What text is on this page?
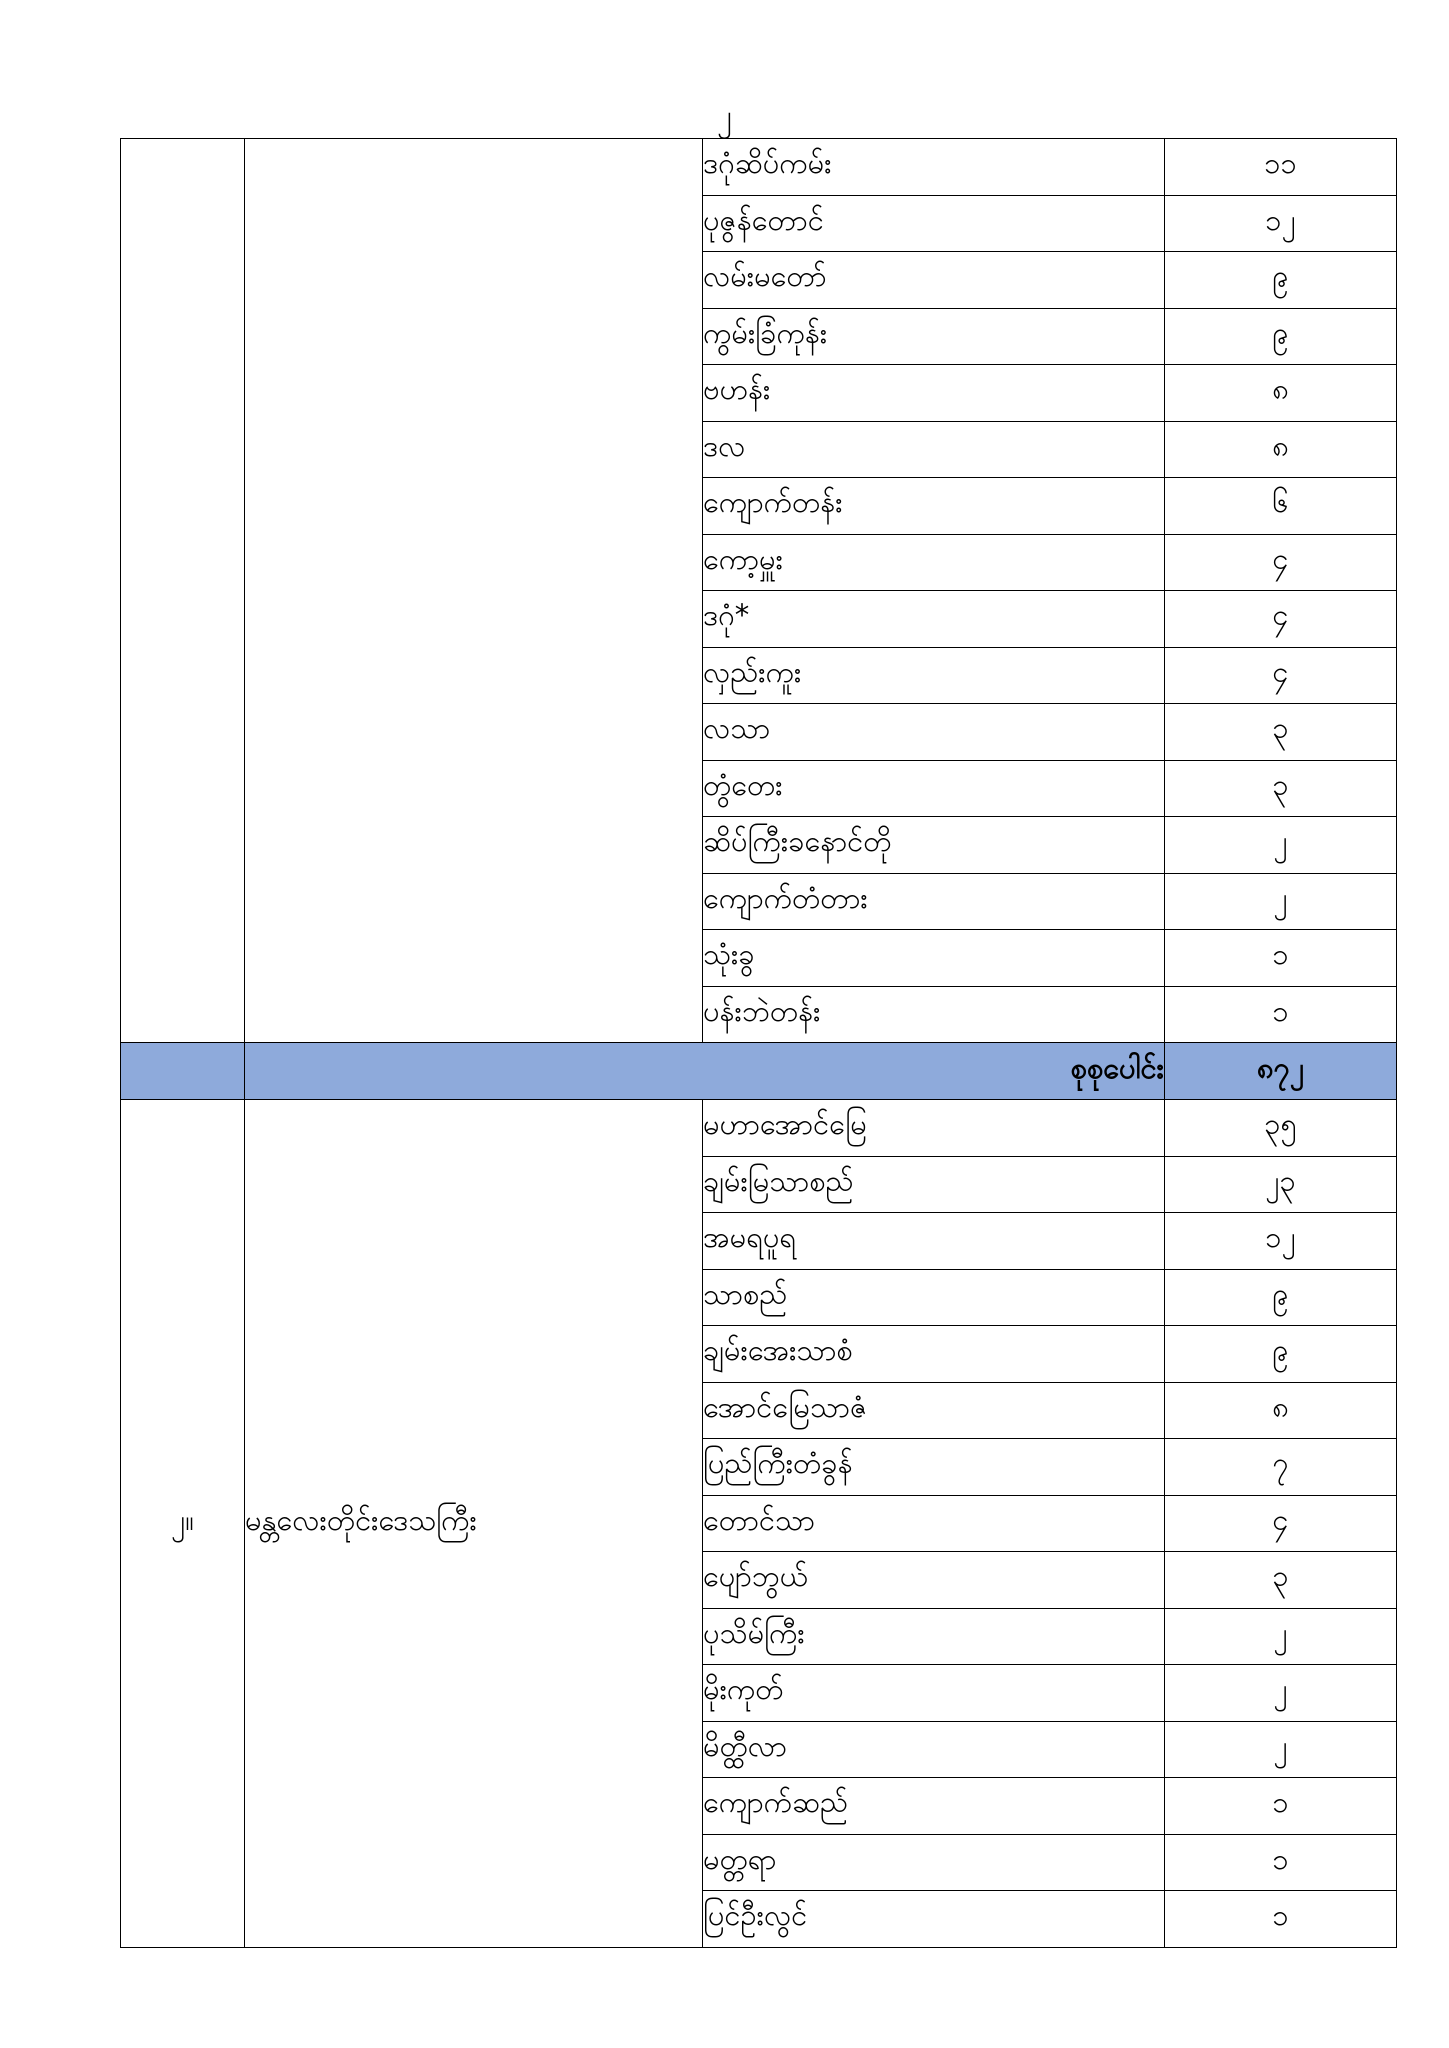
၂
		ဒဂုံဆိပ်ကမ်း	၁၁
		ပုဇွန်တောင်	၁၂
		လမ်းမတော်	၉
		ကွမ်းခြံကုန်း	၉
		ဗဟန်း	၈
		ဒလ	၈
		ကျောက်တန်း	၆
		ကော့မှူး	၄
		ဒဂုံ*	၄
		လှည်းကူး	၄
		လသာ	၃
		တွံတေး	၃
		ဆိပ်ကြီးခနောင်တို	၂
		ကျောက်တံတား	၂
		သုံးခွ	၁
		ပန်းဘဲတန်း	၁
	စုစုပေါင်း		၈၇၂
၂။	မန္တလေးတိုင်းဒေသကြီး	မဟာအောင်မြေ	၃၅
		ချမ်းမြသာစည်	၂၃
		အမရပူရ	၁၂
		သာစည်	၉
		ချမ်းအေးသာစံ	၉
		အောင်မြေသာဇံ	၈
		ပြည်ကြီးတံခွန်	၇
		တောင်သာ	၄
		ပျော်ဘွယ်	၃
		ပုသိမ်ကြီး	၂
		မိုးကုတ်	၂
		မိတ္ထီလာ	၂
		ကျောက်ဆည်	၁
		မတ္တရာ	၁
		ပြင်ဦးလွင်	၁
